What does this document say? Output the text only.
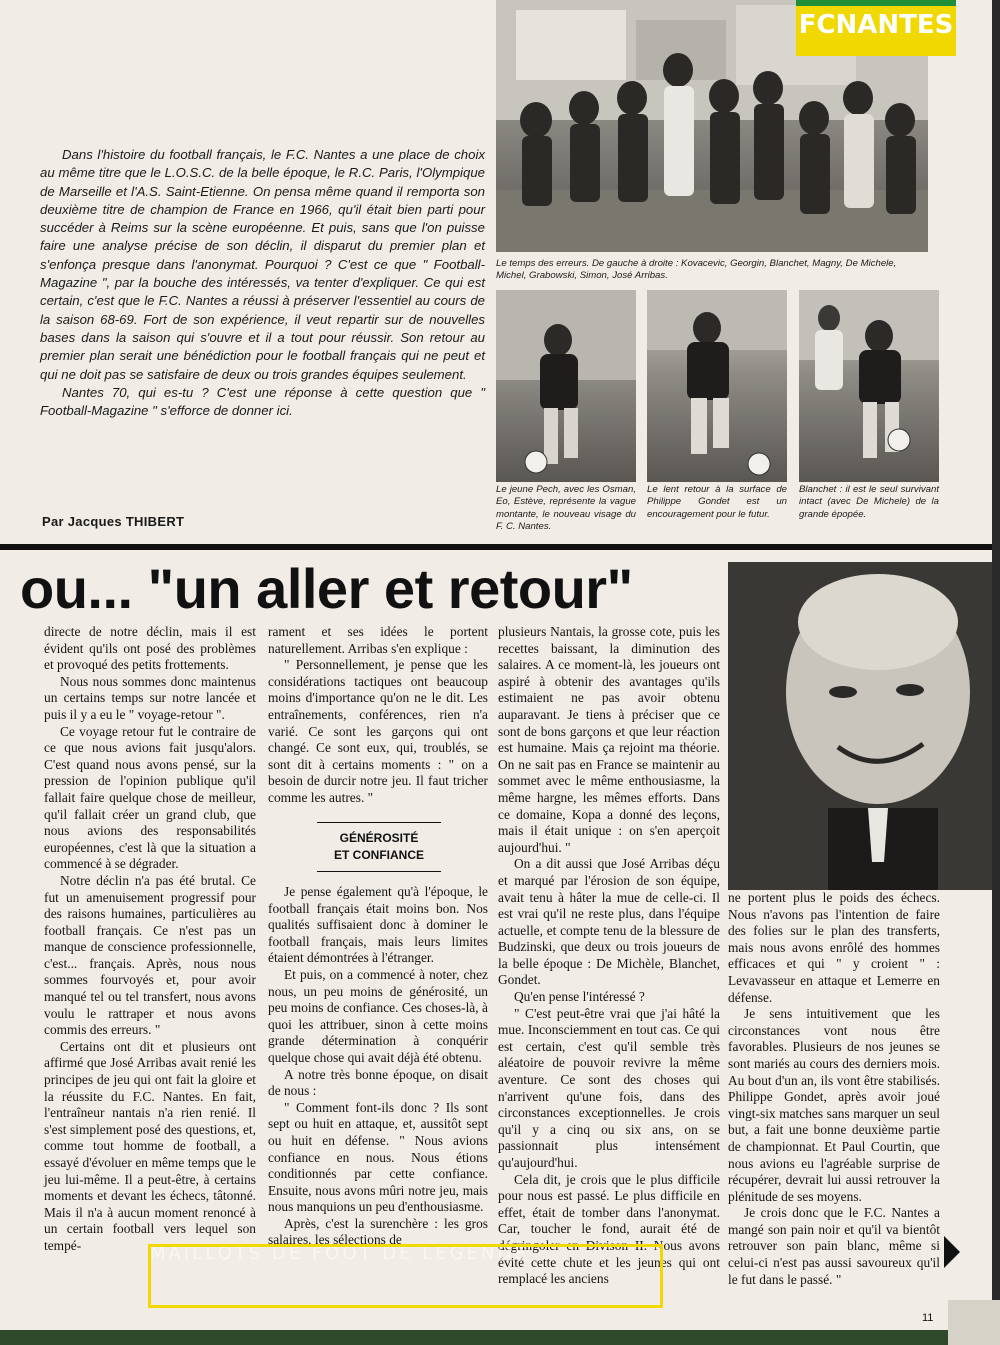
FCNANTES

Dans l'histoire du football français, le F.C. Nantes a une place de choix au même titre que le L.O.S.C. de la belle époque, le R.C. Paris, l'Olympique de Marseille et l'A.S. Saint-Etienne. On pensa même quand il remporta son deuxième titre de champion de France en 1966, qu'il était bien parti pour succéder à Reims sur la scène européenne. Et puis, sans que l'on puisse faire une analyse précise de son déclin, il disparut du premier plan et s'enfonça presque dans l'anonymat. Pourquoi ? C'est ce que " Football-Magazine ", par la bouche des intéressés, va tenter d'expliquer. Ce qui est certain, c'est que le F.C. Nantes a réussi à préserver l'essentiel au cours de la saison 68-69. Fort de son expérience, il veut repartir sur de nouvelles bases dans la saison qui s'ouvre et il a tout pour réussir. Son retour au premier plan serait une bénédiction pour le football français qui ne peut et qui ne doit pas se satisfaire de deux ou trois grandes équipes seulement.

Nantes 70, qui es-tu ? C'est une réponse à cette question que " Football-Magazine " s'efforce de donner ici.

Par Jacques THIBERT
Le temps des erreurs. De gauche à droite : Kovacevic, Georgin, Blanchet, Magny, De Michele, Michel, Grabowski, Simon, José Arribas.
Le jeune Pech, avec les Osman, Eo, Estève, représente la vague montante, le nouveau visage du F. C. Nantes.
Le lent retour à la surface de Philippe Gondet est un encouragement pour le futur.
Blanchet : il est le seul survivant intact (avec De Michele) de la grande épopée.
ou... "un aller et retour"

directe de notre déclin, mais il est évident qu'ils ont posé des problèmes et provoqué des petits frottements.

Nous nous sommes donc maintenus un certains temps sur notre lancée et puis il y a eu le " voyage-retour ".

Ce voyage retour fut le contraire de ce que nous avions fait jusqu'alors. C'est quand nous avons pensé, sur la pression de l'opinion publique qu'il fallait faire quelque chose de meilleur, qu'il fallait créer un grand club, que nous avions des responsabilités européennes, c'est là que la situation a commencé à se dégrader.

Notre déclin n'a pas été brutal. Ce fut un amenuisement progressif pour des raisons humaines, particulières au football français. Ce n'est pas un manque de conscience professionnelle, c'est... français. Après, nous nous sommes fourvoyés et, pour avoir manqué tel ou tel transfert, nous avons voulu le rattraper et nous avons commis des erreurs. "

Certains ont dit et plusieurs ont affirmé que José Arribas avait renié les principes de jeu qui ont fait la gloire et la réussite du F.C. Nantes. En fait, l'entraîneur nantais n'a rien renié. Il s'est simplement posé des questions, et, comme tout homme de football, a essayé d'évoluer en même temps que le jeu lui-même. Il a peut-être, à certains moments et devant les échecs, tâtonné. Mais il n'a à aucun moment renoncé à un certain football vers lequel son tempé-

rament et ses idées le portent naturellement. Arribas s'en explique :

" Personnellement, je pense que les considérations tactiques ont beaucoup moins d'importance qu'on ne le dit. Les entraînements, conférences, rien n'a varié. Ce sont les garçons qui ont changé. Ce sont eux, qui, troublés, se sont dit à certains moments : " on a besoin de durcir notre jeu. Il faut tricher comme les autres. "

GÉNÉROSITÉ
ET CONFIANCE

Je pense également qu'à l'époque, le football français était moins bon. Nos qualités suffisaient donc à dominer le football français, mais leurs limites étaient démontrées à l'étranger.

Et puis, on a commencé à noter, chez nous, un peu moins de générosité, un peu moins de confiance. Ces choses-là, à quoi les attribuer, sinon à cette moins grande détermination à conquérir quelque chose qui avait déjà été obtenu.

A notre très bonne époque, on disait de nous :

" Comment font-ils donc ? Ils sont sept ou huit en attaque, et, aussitôt sept ou huit en défense. " Nous avions confiance en nous. Nous étions conditionnés par cette confiance. Ensuite, nous avons mûri notre jeu, mais nous manquions un peu d'enthousiasme.

Après, c'est la surenchère : les gros salaires, les sélections de

plusieurs Nantais, la grosse cote, puis les recettes baissant, la diminution des salaires. A ce moment-là, les joueurs ont aspiré à obtenir des avantages qu'ils estimaient ne pas avoir obtenu auparavant. Je tiens à préciser que ce sont de bons garçons et que leur réaction est humaine. Mais ça rejoint ma théorie. On ne sait pas en France se maintenir au sommet avec le même enthousiasme, la même hargne, les mêmes efforts. Dans ce domaine, Kopa a donné des leçons, mais il était unique : on s'en aperçoit aujourd'hui. "

On a dit aussi que José Arribas déçu et marqué par l'érosion de son équipe, avait tenu à hâter la mue de celle-ci. Il est vrai qu'il ne reste plus, dans l'équipe actuelle, et compte tenu de la blessure de Budzinski, que deux ou trois joueurs de la belle époque : De Michèle, Blanchet, Gondet.

Qu'en pense l'intéressé ?

" C'est peut-être vrai que j'ai hâté la mue. Inconsciemment en tout cas. Ce qui est certain, c'est qu'il semble très aléatoire de pouvoir revivre la même aventure. Ce sont des choses qui n'arrivent qu'une fois, dans des circonstances exceptionnelles. Je crois qu'il y a cinq ou six ans, on se passionnait plus intensément qu'aujourd'hui.

Cela dit, je crois que le plus difficile pour nous est passé. Le plus difficile en effet, était de tomber dans l'anonymat. Car, toucher le fond, aurait été de dégringoler en Divison II. Nous avons évité cette chute et les jeunes qui ont remplacé les anciens

ne portent plus le poids des échecs. Nous n'avons pas l'intention de faire des folies sur le plan des transferts, mais nous avons enrôlé des hommes efficaces et qui " y croient " : Levavasseur en attaque et Lemerre en défense.

Je sens intuitivement que les circonstances vont nous être favorables. Plusieurs de nos jeunes se sont mariés au cours des derniers mois. Au bout d'un an, ils vont être stabilisés. Philippe Gondet, après avoir joué vingt-six matches sans marquer un seul but, a fait une bonne deuxième partie de championnat. Et Paul Courtin, que nous avions eu l'agréable surprise de récupérer, devrait lui aussi retrouver la plénitude de ses moyens.

Je crois donc que le F.C. Nantes a mangé son pain noir et qu'il va bientôt retrouver son pain blanc, même si celui-ci n'est pas aussi savoureux qu'il le fut dans le passé. "

11
MAILLOTS DE FOOT DE LEGENDE
